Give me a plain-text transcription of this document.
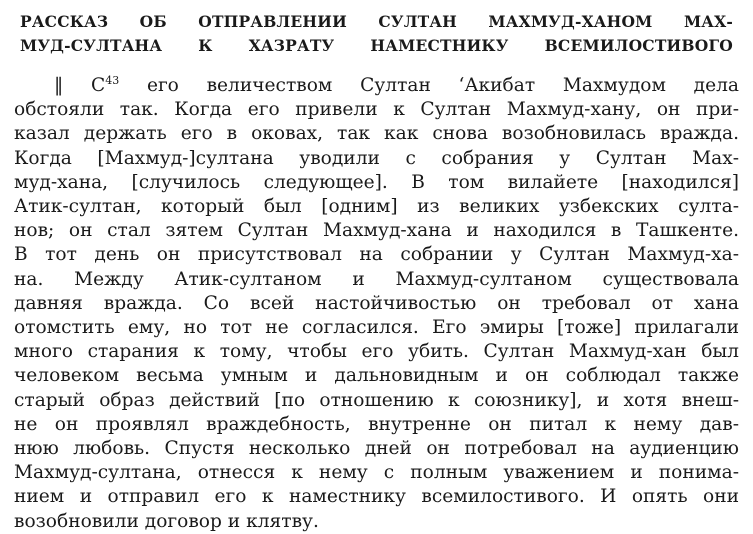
РАССКАЗ ОБ ОТПРАВЛЕНИИ СУЛТАН МАХМУД-ХАНОМ МАХ-
МУД-СУЛТАНА К ХАЗРАТУ НАМЕСТНИКУ ВСЕМИЛОСТИВОГО
‖ $С^{43}$ его величеством Султан ‘Акибат Махмудом дела
обстояли так. Когда его привели к Султан Махмуд-хану, он при-
казал держать его в оковах, так как снова возобновилась вражда.
Когда [Махмуд-]султана уводили с собрания у Султан Мах-
муд-хана, [случилось следующее]. В том вилайете [находился]
Атик-султан, который был [одним] из великих узбекских султа-
нов; он стал зятем Султан Махмуд-хана и находился в Ташкенте.
В тот день он присутствовал на собрании у Султан Махмуд-ха-
на. Между Атик-султаном и Махмуд-султаном существовала
давняя вражда. Со всей настойчивостью он требовал от хана
отомстить ему, но тот не согласился. Его эмиры [тоже] прилагали
много старания к тому, чтобы его убить. Султан Махмуд-хан был
человеком весьма умным и дальновидным и он соблюдал также
старый образ действий [по отношению к союзнику], и хотя внеш-
не он проявлял враждебность, внутренне он питал к нему дав-
нюю любовь. Спустя несколько дней он потребовал на аудиенцию
Махмуд-султана, отнесся к нему с полным уважением и понима-
нием и отправил его к наместнику всемилостивого. И опять они
возобновили договор и клятву.
